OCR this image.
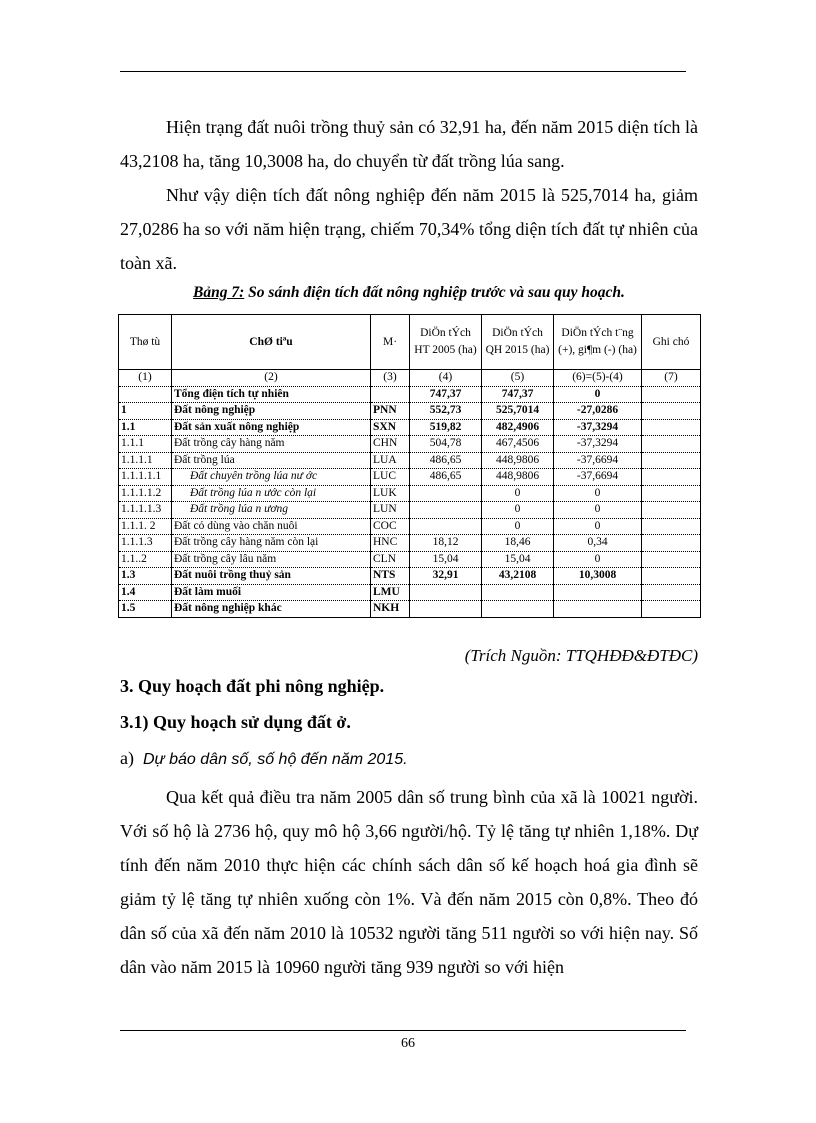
Hiện trạng đất nuôi trồng thuỷ sản có 32,91 ha, đến năm 2015 diện tích là 43,2108 ha, tăng 10,3008 ha, do chuyển từ đất trồng lúa sang.

Như vậy diện tích đất nông nghiệp đến năm 2015 là 525,7014 ha, giảm 27,0286 ha so với năm hiện trạng, chiếm 70,34% tổng diện tích đất tự nhiên của toàn xã.

Bảng 7: So sánh điện tích đất nông nghiệp trước và sau quy hoạch.

Thø tù	ChØ tiªu	M·	DiÖn tÝch HT 2005 (ha)	DiÖn tÝch QH 2015 (ha)	DiÖn tÝch t¨ng (+), gi¶m (-) (ha)	Ghi chó
(1)	(2)	(3)	(4)	(5)	(6)=(5)-(4)	(7)
	Tổng điện tích tự nhiên		747,37	747,37	0	
1	Đất nông nghiệp	PNN	552,73	525,7014	-27,0286	
1.1	Đất sản xuất nông nghiệp	SXN	519,82	482,4906	-37,3294	
1.1.1	Đất trồng cây hàng năm	CHN	504,78	467,4506	-37,3294	
1.1.1.1	Đất trồng lúa	LUA	486,65	448,9806	-37,6694	
1.1.1.1.1	Đất chuyên trồng lúa nư ớc	LUC	486,65	448,9806	-37,6694	
1.1.1.1.2	Đất trồng lúa n ước còn lại	LUK		0	0	
1.1.1.1.3	Đất trồng lúa n ương	LUN		0	0	
1.1.1. 2	Đất cỏ dùng vào chăn nuôi	COC		0	0	
1.1.1.3	Đất trồng cây hàng năm còn lại	HNC	18,12	18,46	0,34	
1.1..2	Đất trồng cây lâu năm	CLN	15,04	15,04	0	
1.3	Đất nuôi trồng thuỷ sản	NTS	32,91	43,2108	10,3008	
1.4	Đất làm muối	LMU				
1.5	Đất nông nghiệp khác	NKH				

(Trích Nguồn: TTQHĐĐ&ĐTĐC)

3. Quy hoạch đất phi nông nghiệp.

3.1) Quy hoạch sử dụng đất ở.

a) Dự báo dân số, số hộ đến năm 2015.

Qua kết quả điều tra năm 2005 dân số trung bình của xã là 10021 người. Với số hộ là 2736 hộ, quy mô hộ 3,66 người/hộ. Tỷ lệ tăng tự nhiên 1,18%. Dự tính đến năm 2010 thực hiện các chính sách dân số kế hoạch hoá gia đình sẽ giảm tỷ lệ tăng tự nhiên xuống còn 1%. Và đến năm 2015 còn 0,8%. Theo đó dân số của xã đến năm 2010 là 10532 người tăng 511 người so với hiện nay. Số dân vào năm 2015 là 10960 người tăng 939 người so với hiện

66
